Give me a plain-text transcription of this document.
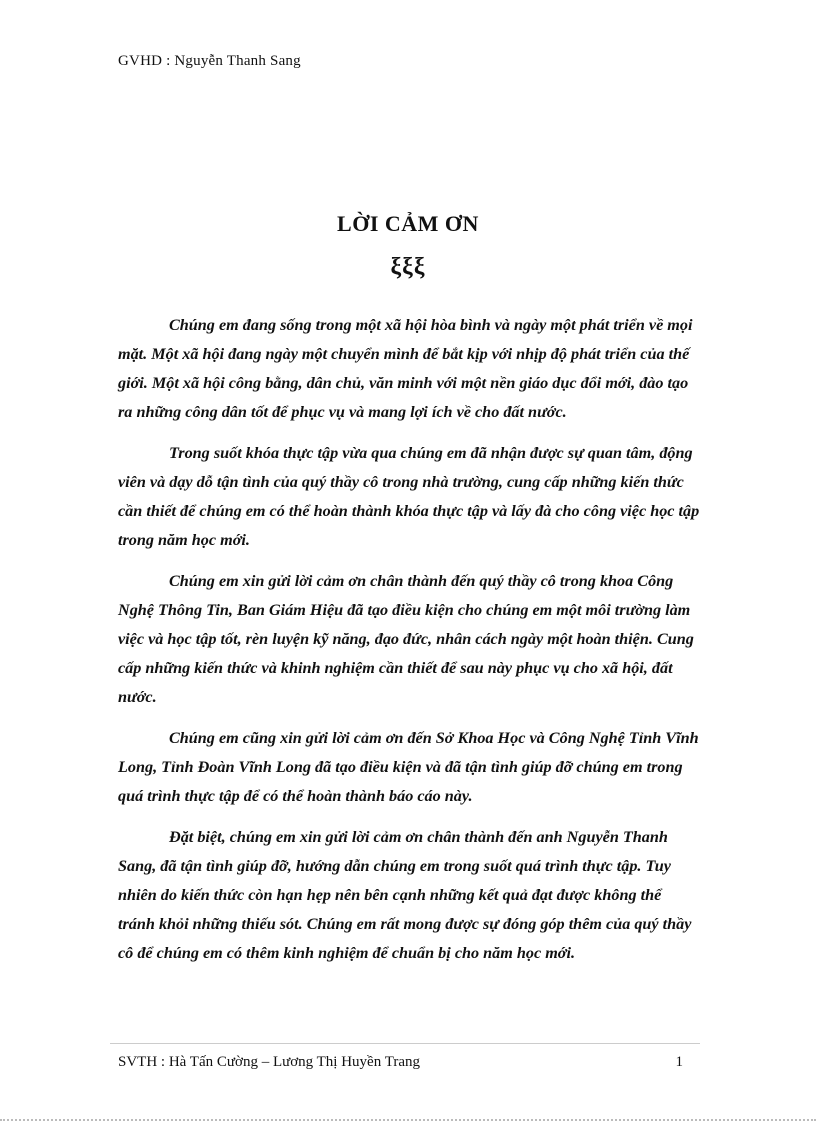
GVHD : Nguyễn Thanh Sang
LỜI CẢM ƠN
ξξξ

Chúng em đang sống trong một xã hội hòa bình và ngày một phát triển về mọi mặt. Một xã hội đang ngày một chuyển mình để bắt kịp với nhịp độ phát triển của thế giới. Một xã hội công bằng, dân chủ, văn minh với một nền giáo dục đổi mới, đào tạo ra những công dân tốt để phục vụ và mang lợi ích về cho đất nước.

Trong suốt khóa thực tập vừa qua chúng em đã nhận được sự quan tâm, động viên và dạy dỗ tận tình của quý thầy cô trong nhà trường, cung cấp những kiến thức cần thiết để chúng em có thể hoàn thành khóa thực tập và lấy đà cho công việc học tập trong năm học mới.

Chúng em xin gửi lời cảm ơn chân thành đến quý thầy cô trong khoa Công Nghệ Thông Tin, Ban Giám Hiệu đã tạo điều kiện cho chúng em một môi trường làm việc và học tập tốt, rèn luyện kỹ năng, đạo đức, nhân cách ngày một hoàn thiện. Cung cấp những kiến thức và khinh nghiệm cần thiết để sau này phục vụ cho xã hội, đất nước.

Chúng em cũng xin gửi lời cảm ơn đến Sở Khoa Học và Công Nghệ Tỉnh Vĩnh Long, Tỉnh Đoàn Vĩnh Long đã tạo điều kiện và đã tận tình giúp đỡ chúng em trong quá trình thực tập để có thể hoàn thành báo cáo này.

Đặt biệt, chúng em xin gửi lời cảm ơn chân thành đến anh Nguyễn Thanh Sang, đã tận tình giúp đỡ, hướng dẫn chúng em trong suốt quá trình thực tập. Tuy nhiên do kiến thức còn hạn hẹp nên bên cạnh những kết quả đạt được không thể tránh khỏi những thiếu sót. Chúng em rất mong được sự đóng góp thêm của quý thầy cô để chúng em có thêm kinh nghiệm để chuẩn bị cho năm học mới.

SVTH : Hà Tấn Cường – Lương Thị Huyền Trang	1
